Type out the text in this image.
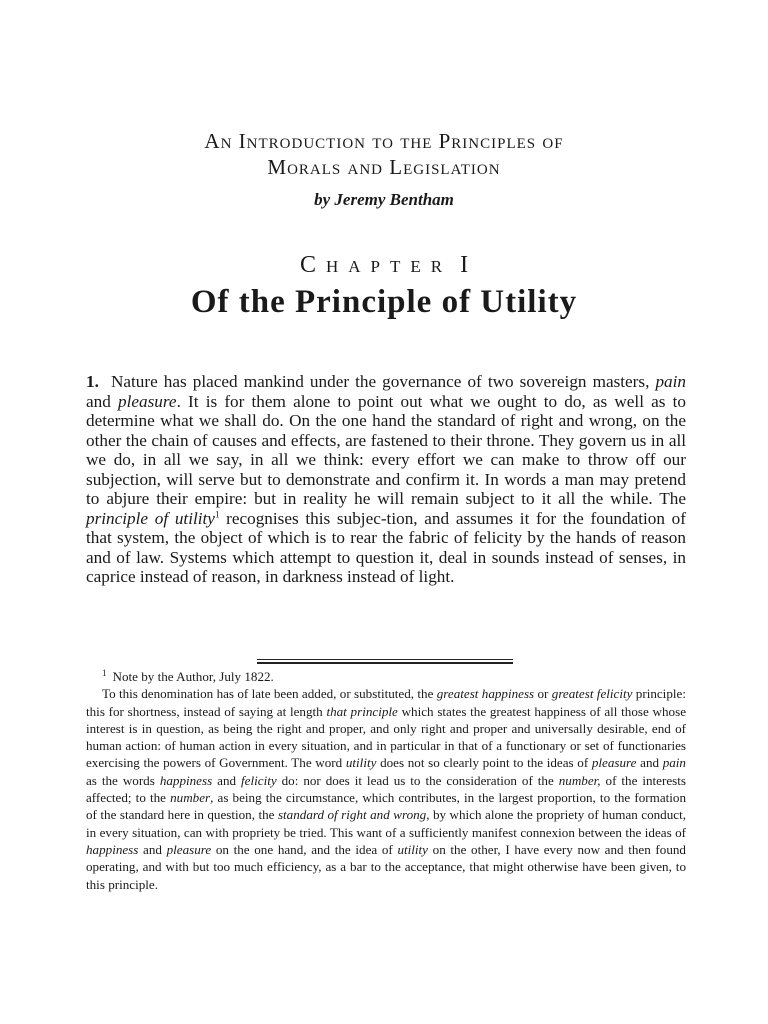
An Introduction to the Principles of
Morals and Legislation
by Jeremy Bentham
Chapter I
Of the Principle of Utility

1. Nature has placed mankind under the governance of two sovereign masters, pain and pleasure. It is for them alone to point out what we ought to do, as well as to determine what we shall do. On the one hand the standard of right and wrong, on the other the chain of causes and effects, are fastened to their throne. They govern us in all we do, in all we say, in all we think: every effort we can make to throw off our subjection, will serve but to demonstrate and confirm it. In words a man may pretend to abjure their empire: but in reality he will remain subject to it all the while. The principle of utility$^1$ recognises this subjec-tion, and assumes it for the foundation of that system, the object of which is to rear the fabric of felicity by the hands of reason and of law. Systems which attempt to question it, deal in sounds instead of senses, in caprice instead of reason, in darkness instead of light.

$^1$ Note by the Author, July 1822.

To this denomination has of late been added, or substituted, the greatest happiness or greatest felicity principle: this for shortness, instead of saying at length that principle which states the greatest happiness of all those whose interest is in question, as being the right and proper, and only right and proper and universally desirable, end of human action: of human action in every situation, and in particular in that of a functionary or set of functionaries exercising the powers of Government. The word utility does not so clearly point to the ideas of pleasure and pain as the words happiness and felicity do: nor does it lead us to the consideration of the number, of the interests affected; to the number, as being the circumstance, which contributes, in the largest proportion, to the formation of the standard here in question, the standard of right and wrong, by which alone the propriety of human conduct, in every situation, can with propriety be tried. This want of a sufficiently manifest connexion between the ideas of happiness and pleasure on the one hand, and the idea of utility on the other, I have every now and then found operating, and with but too much efficiency, as a bar to the acceptance, that might otherwise have been given, to this principle.
